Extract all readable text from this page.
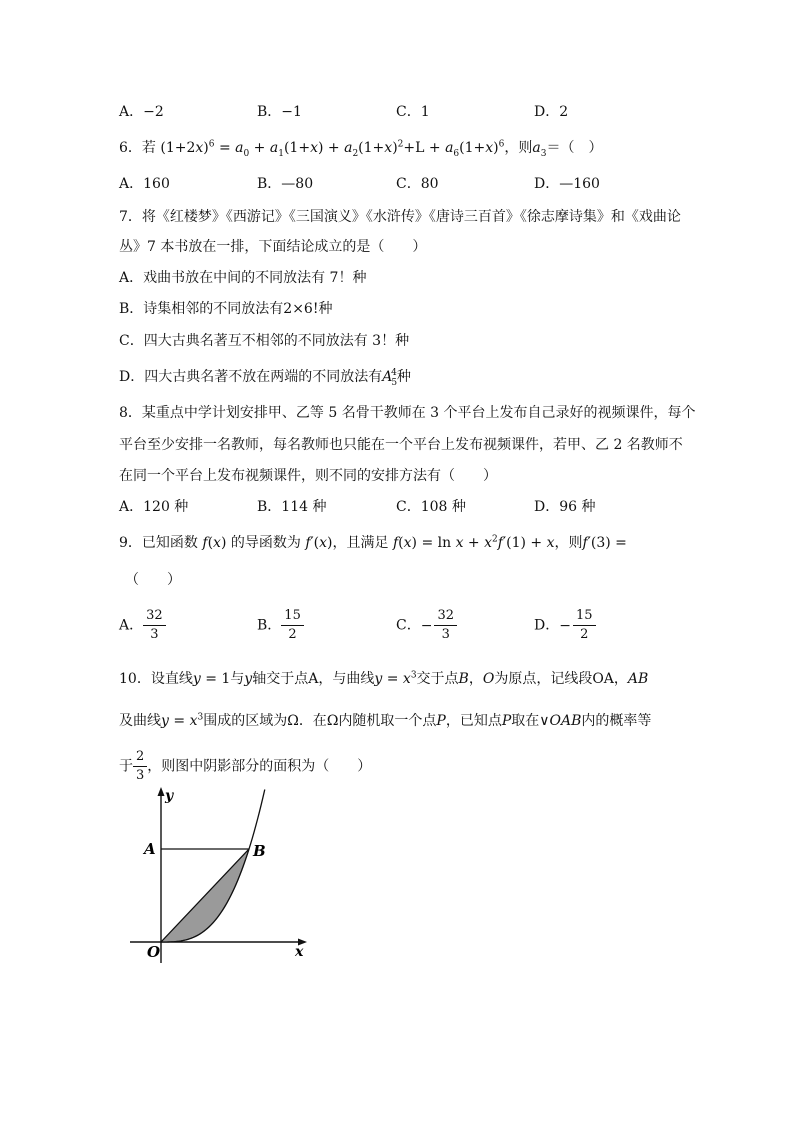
A．−2	B．−1	C．1	D．2
6．若 $(1+2x)^6 = a_0 + a_1(1+x) + a_2(1+x)^2+L + a_6(1+x)^6$，则$a_3=$（　）
A．160	B．—80	C．80	D．—160
7．将《红楼梦》《西游记》《三国演义》《水浒传》《唐诗三百首》《徐志摩诗集》和《戏曲论
丛》7 本书放在一排，下面结论成立的是（　　）
A．戏曲书放在中间的不同放法有 7！种
B．诗集相邻的不同放法有2×6!种
C．四大古典名著互不相邻的不同放法有 3！种
D．四大古典名著不放在两端的不同放法有$A_5^4$种
8．某重点中学计划安排甲、乙等 5 名骨干教师在 3 个平台上发布自己录好的视频课件，每个
平台至少安排一名教师，每名教师也只能在一个平台上发布视频课件，若甲、乙 2 名教师不
在同一个平台上发布视频课件，则不同的安排方法有（　　）
A．120 种	B．114 种	C．108 种	D．96 种
9．已知函数 f(x) 的导函数为 f′(x)，且满足 $f(x) = \ln x + x^2f'(1) + x$，则f′(3) =
（　　）
A． $\frac{32}{3}$	B． $\frac{15}{2}$	C．− $\frac{32}{3}$	D．− $\frac{15}{2}$
10．设直线y = 1与y轴交于点A，与曲线$y = x^3$交于点B，O为原点，记线段OA，AB
及曲线$y = x^3$围成的区域为Ω．在Ω内随机取一个点P，已知点P取在∨OAB内的概率等
于 $\frac{2}{3}$ ，则图中阴影部分的面积为（　　）
y
A	B
O	x
